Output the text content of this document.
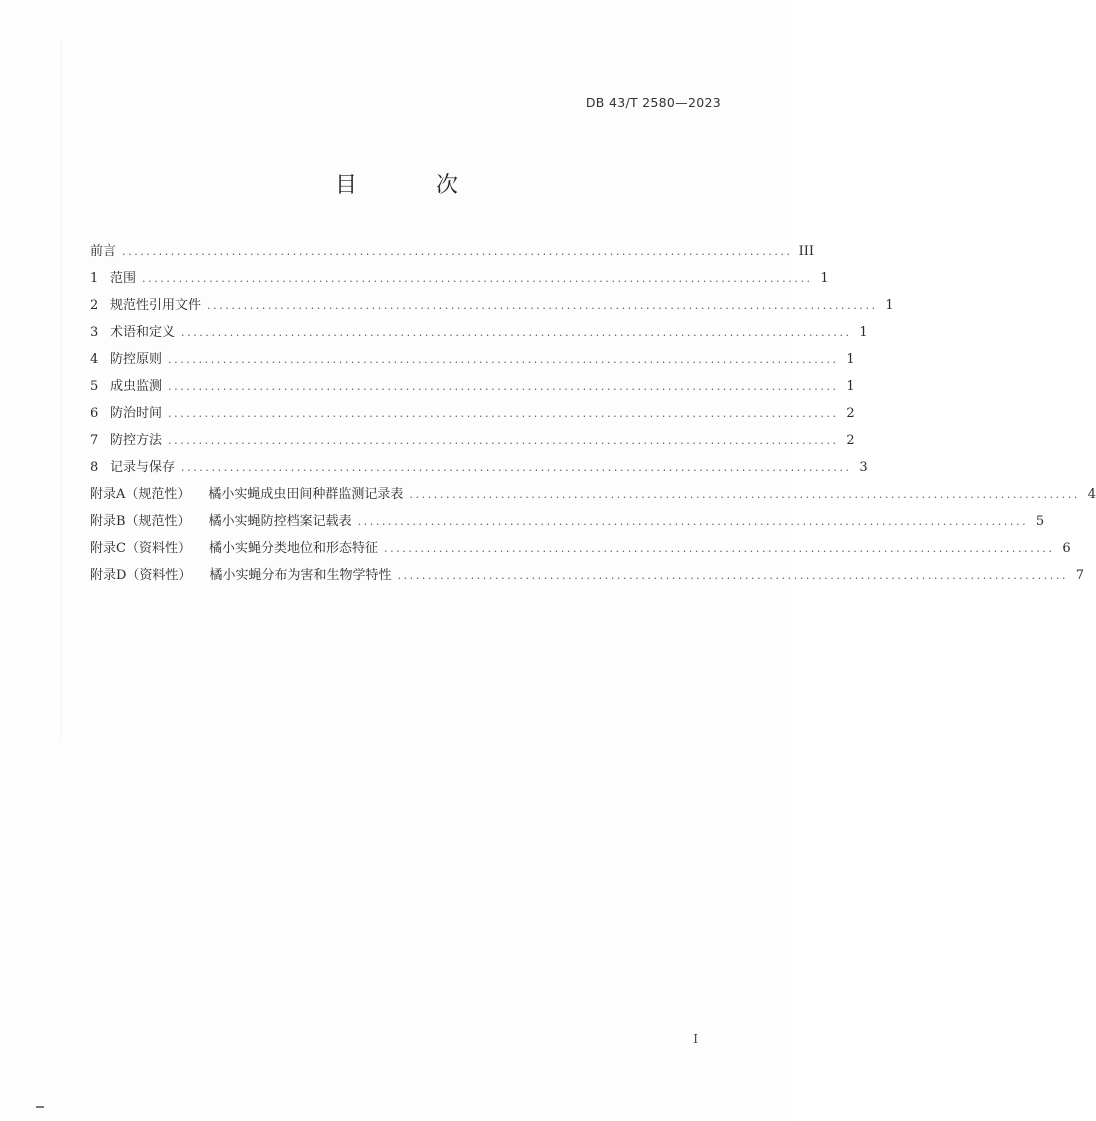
DB 43/T 2580—2023
目 次
前言 .............................................................................................................. III
1 范围 .............................................................................................................. 1
2 规范性引用文件 .............................................................................................................. 1
3 术语和定义 .............................................................................................................. 1
4 防控原则 .............................................................................................................. 1
5 成虫监测 .............................................................................................................. 1
6 防治时间 .............................................................................................................. 2
7 防控方法 .............................................................................................................. 2
8 记录与保存 .............................................................................................................. 3
附录A（规范性） 橘小实蝇成虫田间种群监测记录表 .............................................................................................................. 4
附录B（规范性） 橘小实蝇防控档案记载表 .............................................................................................................. 5
附录C（资料性） 橘小实蝇分类地位和形态特征 .............................................................................................................. 6
附录D（资料性） 橘小实蝇分布为害和生物学特性 .............................................................................................................. 7
I
